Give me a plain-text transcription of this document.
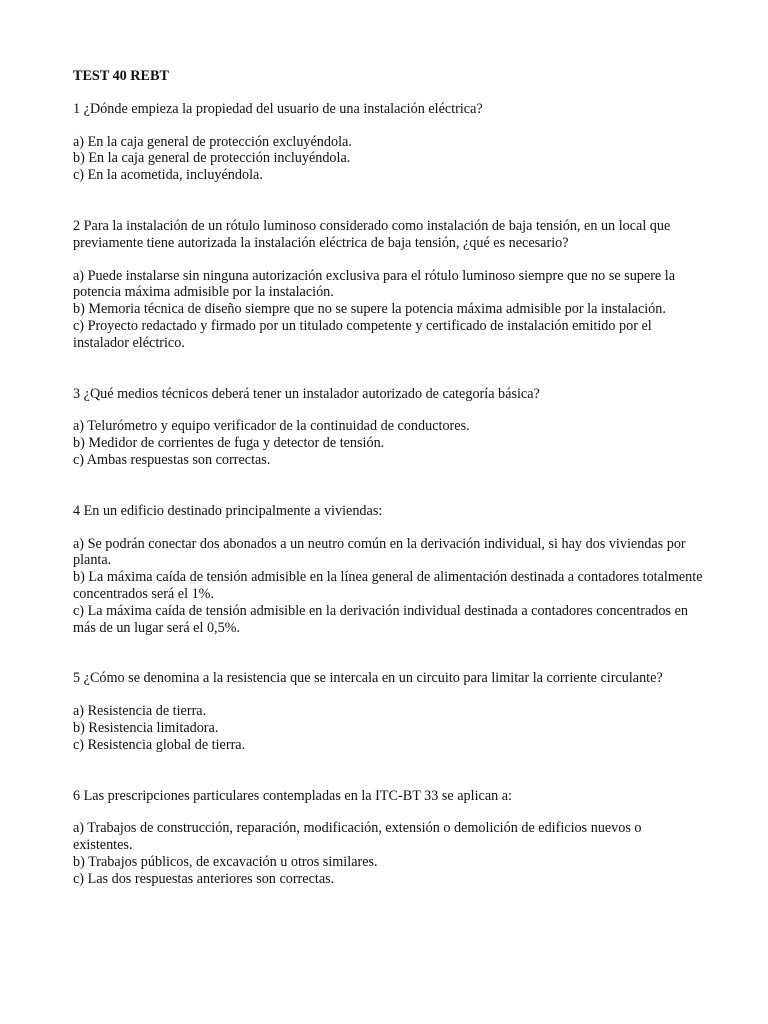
TEST 40 REBT
1 ¿Dónde empieza la propiedad del usuario de una instalación eléctrica?
a) En la caja general de protección excluyéndola.
b) En la caja general de protección incluyéndola.
c) En la acometida, incluyéndola.
2 Para la instalación de un rótulo luminoso considerado como instalación de baja tensión, en un local que previamente tiene autorizada la instalación eléctrica de baja tensión, ¿qué es necesario?
a) Puede instalarse sin ninguna autorización exclusiva para el rótulo luminoso siempre que no se supere la potencia máxima admisible por la instalación.
b) Memoria técnica de diseño siempre que no se supere la potencia máxima admisible por la instalación.
c) Proyecto redactado y firmado por un titulado competente y certificado de instalación emitido por el instalador eléctrico.
3 ¿Qué medios técnicos deberá tener un instalador autorizado de categoría básica?
a) Telurómetro y equipo verificador de la continuidad de conductores.
b) Medidor de corrientes de fuga y detector de tensión.
c) Ambas respuestas son correctas.
4 En un edificio destinado principalmente a viviendas:
a) Se podrán conectar dos abonados a un neutro común en la derivación individual, si hay dos viviendas por planta.
b) La máxima caída de tensión admisible en la línea general de alimentación destinada a contadores totalmente concentrados será el 1%.
c) La máxima caída de tensión admisible en la derivación individual destinada a contadores concentrados en más de un lugar será el 0,5%.
5 ¿Cómo se denomina a la resistencia que se intercala en un circuito para limitar la corriente circulante?
a) Resistencia de tierra.
b) Resistencia limitadora.
c) Resistencia global de tierra.
6 Las prescripciones particulares contempladas en la ITC-BT 33 se aplican a:
a) Trabajos de construcción, reparación, modificación, extensión o demolición de edificios nuevos o existentes.
b) Trabajos públicos, de excavación u otros similares.
c) Las dos respuestas anteriores son correctas.
